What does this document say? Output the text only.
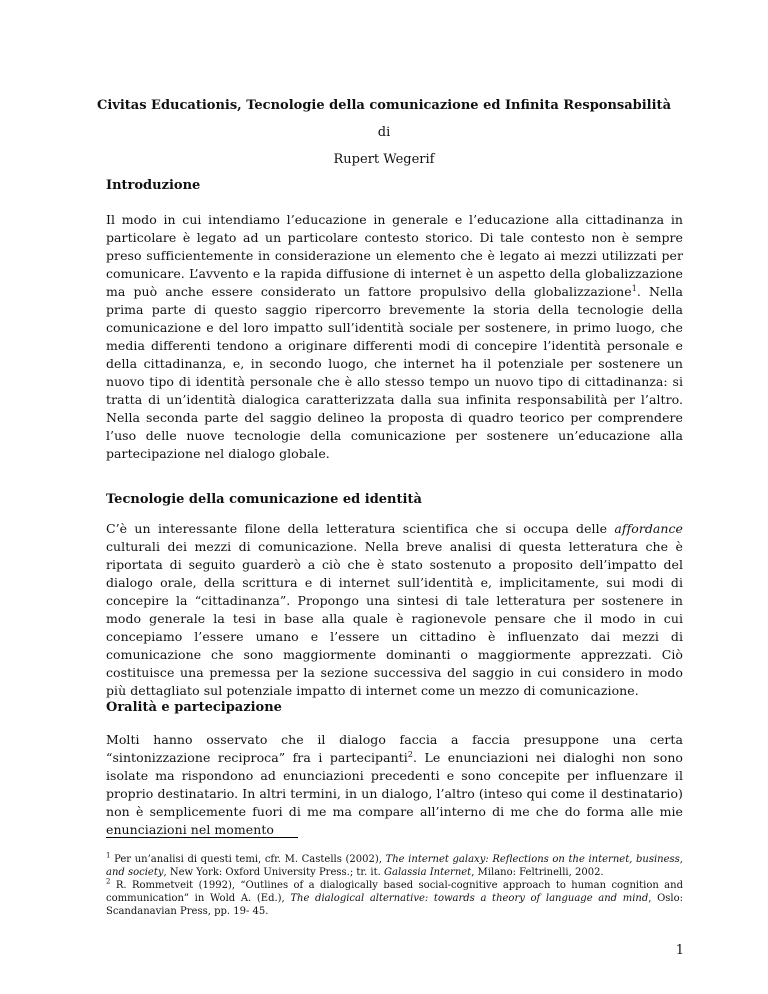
Civitas Educationis, Tecnologie della comunicazione ed Infinita Responsabilità
di
Rupert Wegerif
Introduzione

Il modo in cui intendiamo l’educazione in generale e l’educazione alla cittadinanza in particolare è legato ad un particolare contesto storico. Di tale contesto non è sempre preso sufficientemente in considerazione un elemento che è legato ai mezzi utilizzati per comunicare. L’avvento e la rapida diffusione di internet è un aspetto della globalizzazione ma può anche essere considerato un fattore propulsivo della globalizzazione$^1$. Nella prima parte di questo saggio ripercorro brevemente la storia della tecnologie della comunicazione e del loro impatto sull’identità sociale per sostenere, in primo luogo, che media differenti tendono a originare differenti modi di concepire l’identità personale e della cittadinanza, e, in secondo luogo, che internet ha il potenziale per sostenere un nuovo tipo di identità personale che è allo stesso tempo un nuovo tipo di cittadinanza: si tratta di un’identità dialogica caratterizzata dalla sua infinita responsabilità per l’altro. Nella seconda parte del saggio delineo la proposta di quadro teorico per comprendere l’uso delle nuove tecnologie della comunicazione per sostenere un’educazione alla partecipazione nel dialogo globale.

Tecnologie della comunicazione ed identità

C’è un interessante filone della letteratura scientifica che si occupa delle affordance culturali dei mezzi di comunicazione. Nella breve analisi di questa letteratura che è riportata di seguito guarderò a ciò che è stato sostenuto a proposito dell’impatto del dialogo orale, della scrittura e di internet sull’identità e, implicitamente, sui modi di concepire la “cittadinanza”. Propongo una sintesi di tale letteratura per sostenere in modo generale la tesi in base alla quale è ragionevole pensare che il modo in cui concepiamo l’essere umano e l’essere un cittadino è influenzato dai mezzi di comunicazione che sono maggiormente dominanti o maggiormente apprezzati. Ciò costituisce una premessa per la sezione successiva del saggio in cui considero in modo più dettagliato sul potenziale impatto di internet come un mezzo di comunicazione.

Oralità e partecipazione

Molti hanno osservato che il dialogo faccia a faccia presuppone una certa “sintonizzazione reciproca” fra i partecipanti$^2$. Le enunciazioni nei dialoghi non sono isolate ma rispondono ad enunciazioni precedenti e sono concepite per influenzare il proprio destinatario. In altri termini, in un dialogo, l’altro (inteso qui come il destinatario) non è semplicemente fuori di me ma compare all’interno di me che do forma alle mie enunciazioni nel momento

$^1$ Per un’analisi di questi temi, cfr. M. Castells (2002), The internet galaxy: Reflections on the internet, business, and society, New York: Oxford University Press.; tr. it. Galassia Internet, Milano: Feltrinelli, 2002.

$^2$ R. Rommetveit (1992), “Outlines of a dialogically based social-cognitive approach to human cognition and communication” in Wold A. (Ed.), The dialogical alternative: towards a theory of language and mind, Oslo: Scandanavian Press, pp. 19- 45.

1
